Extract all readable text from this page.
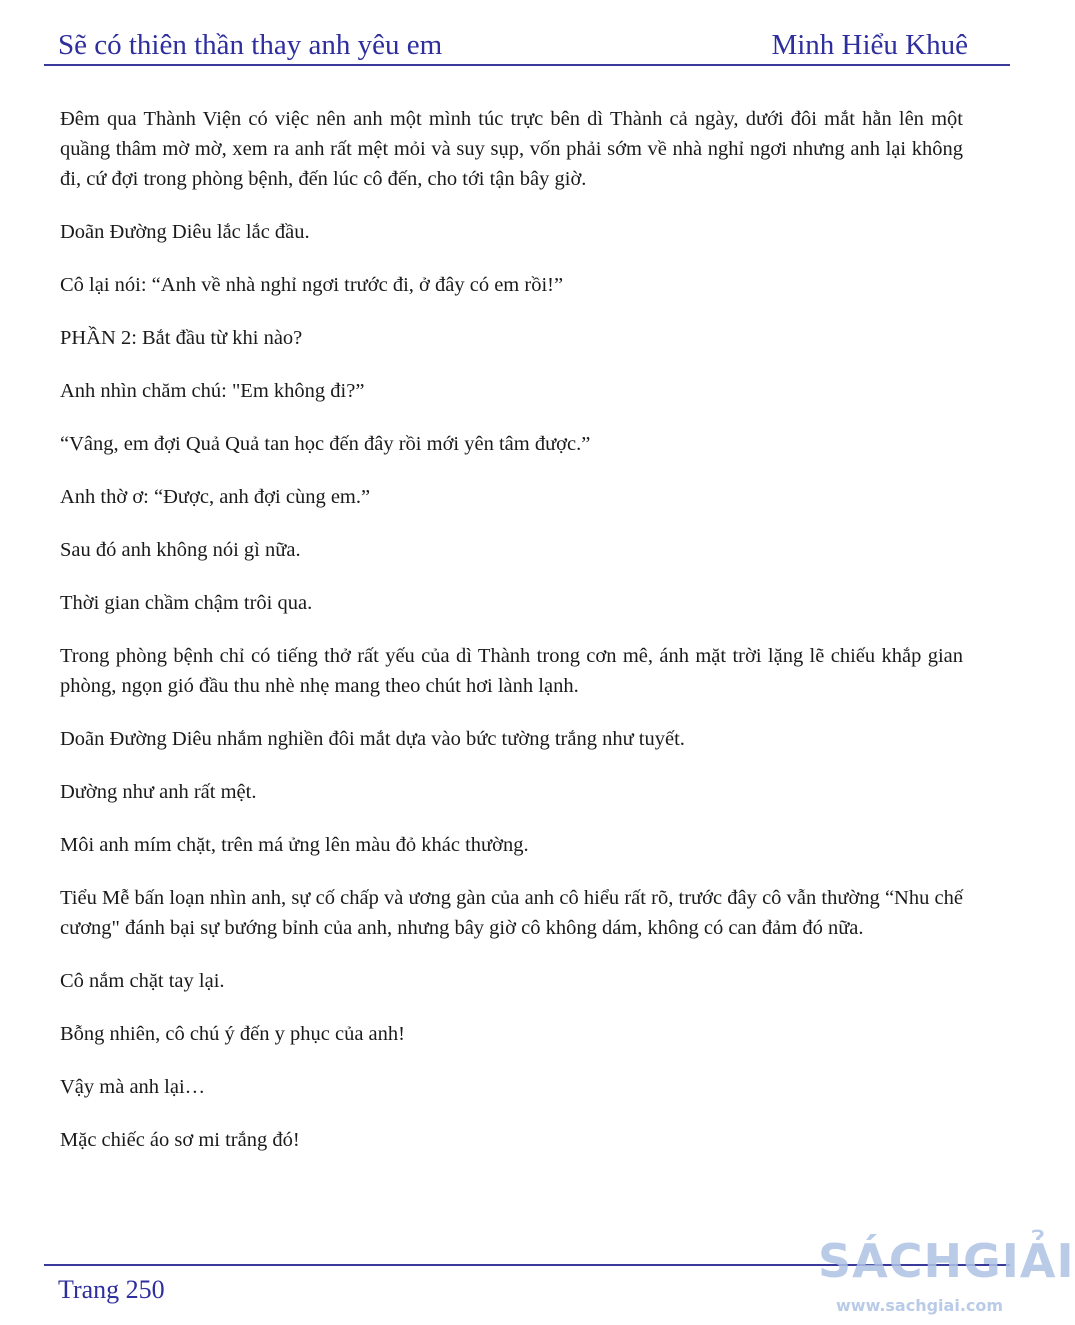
Sẽ có thiên thần thay anh yêu em	Minh Hiểu Khuê

Đêm qua Thành Viện có việc nên anh một mình túc trực bên dì Thành cả ngày, dưới đôi mắt hằn lên một quầng thâm mờ mờ, xem ra anh rất mệt mỏi và suy sụp, vốn phải sớm về nhà nghỉ ngơi nhưng anh lại không đi, cứ đợi trong phòng bệnh, đến lúc cô đến, cho tới tận bây giờ.

Doãn Đường Diêu lắc lắc đầu.

Cô lại nói: “Anh về nhà nghỉ ngơi trước đi, ở đây có em rồi!”

PHẦN 2: Bắt đầu từ khi nào?

Anh nhìn chăm chú: "Em không đi?”

“Vâng, em đợi Quả Quả tan học đến đây rồi mới yên tâm được.”

Anh thờ ơ: “Được, anh đợi cùng em.”

Sau đó anh không nói gì nữa.

Thời gian chầm chậm trôi qua.

Trong phòng bệnh chỉ có tiếng thở rất yếu của dì Thành trong cơn mê, ánh mặt trời lặng lẽ chiếu khắp gian phòng, ngọn gió đầu thu nhè nhẹ mang theo chút hơi lành lạnh.

Doãn Đường Diêu nhắm nghiền đôi mắt dựa vào bức tường trắng như tuyết.

Dường như anh rất mệt.

Môi anh mím chặt, trên má ửng lên màu đỏ khác thường.

Tiểu Mễ bấn loạn nhìn anh, sự cố chấp và ương gàn của anh cô hiểu rất rõ, trước đây cô vẫn thường “Nhu chế cương" đánh bại sự bướng bỉnh của anh, nhưng bây giờ cô không dám, không có can đảm đó nữa.

Cô nắm chặt tay lại.

Bỗng nhiên, cô chú ý đến y phục của anh!

Vậy mà anh lại…

Mặc chiếc áo sơ mi trắng đó!

Trang 250
SÁCHGIẢI
www.sachgiai.com
